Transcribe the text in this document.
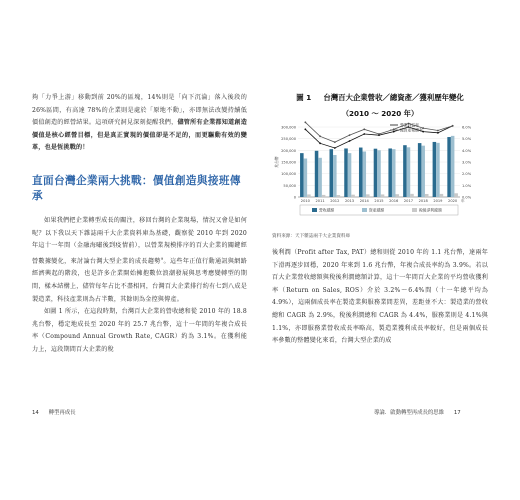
夠「力爭上游」移動到前 20%的區塊，14%則是「向下沉淪」落入後段的 26%區間，有高達 78%的企業則是處於「原地不動」，亦即無法改變持續低價值創造的經營結果。這項研究洞見深刻提醒我們，儘管所有企業都知道創造價值是核心經營目標，但是真正實現的價值卻是不足的，而更驅動有效的變革，也是恆挑戰的！

直面台灣企業兩大挑戰：價值創造與接班傳承

如果我們把企業轉型成長的關注，移回台灣的企業現場，情況又會是如何呢？以下我以天下雜誌兩千大企業資料庫為基礎，觀察從 2010 年到 2020 年這十一年間（金融海嘯後到疫情前），以營業規模排序的百大企業的關鍵經營數據變化，來討論台灣大型企業的成長趨勢$^9$。這些年正值行動通訊與網路經濟興起的階段，也是許多企業開始擁抱數位浪潮發展與思考應變轉型的期間，樣本結構上，儘管每年占比不盡相同，台灣百大企業排行約有七到八成是製造業，科技產業則為占半數，其餘則為金控與傳產。

如圖 1 所示，在這段時期，台灣百大企業的營收總和從 2010 年的 18.8 兆台幣，穩定地成長至 2020 年的 25.7 兆台幣，這十一年間的年複合成長率（Compound Annual Growth Rate, CAGR）約為 3.1%。在獲利能力上，這段期間百大企業的稅

14 轉型再成長
圖 1 台灣百大企業營收／總資產／獲利歷年變化
（2010 ～ 2020 年）
0
50,000
100,000
150,000
200,000
250,000
300,000
0.0%
1.0%
2.0%
3.0%
4.0%
5.0%
6.0%
兆台幣
2010 2011 2012 2013 2014 2015 2016 2017 2018 2019 2020 年
營業利益率
總資產報酬率
營收總額	資產總額	稅後淨利總額
資料來源：天下雜誌兩千大企業資料庫

後利潤（Profit after Tax, PAT）總和則從 2010 年的 1.1 兆台幣，達兩年下滑再逐步回穩，2020 年來到 1.6 兆台幣，年複合成長率約為 3.9%。若以百大企業營收總額與稅後利潤總額計算，這十一年間百大企業的平均營收獲利率（Return on Sales, ROS）介於 3.2%～6.4%間（十一年總平均為 4.9%），這兩個成長率在製造業與服務業間差異，差距並不大：製造業的營收總和 CAGR 為 2.9%，稅後利潤總和 CAGR 為 4.4%，服務業則是 4.1%與 1.1%，亦即服務業營收成長率略高，製造業獲利成長率較好，但是兩個成長率參數的整體變化來看，台灣大型企業的成

導論．啟動轉型再成長的思維 17
